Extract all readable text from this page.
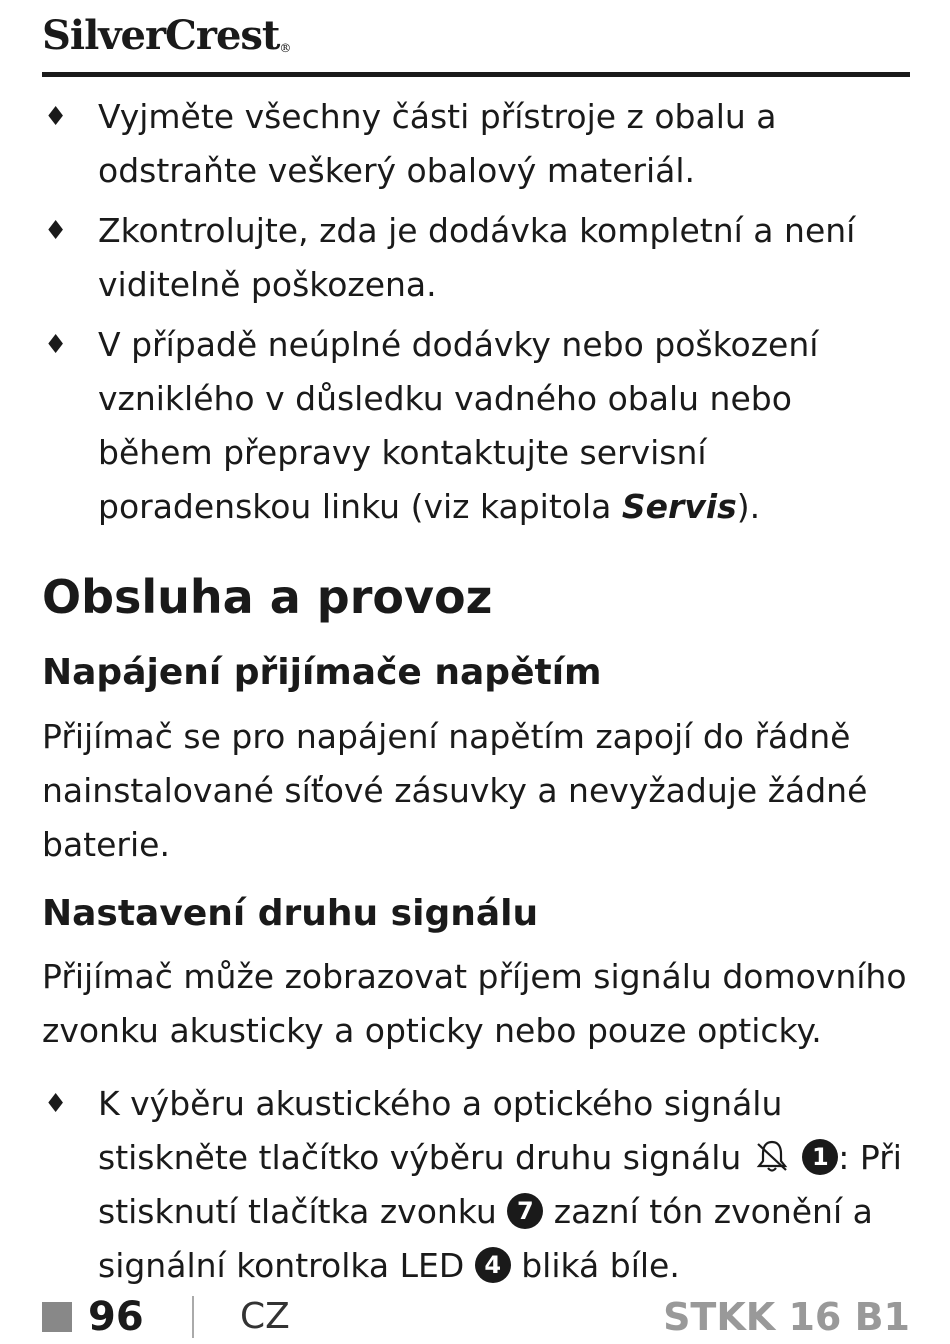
SilverCrest®
♦ Vyjměte všechny části přístroje z obalu a odstraňte veškerý obalový materiál.
♦ Zkontrolujte, zda je dodávka kompletní a není viditelně poškozena.
♦ V případě neúplné dodávky nebo poškození vzniklého v důsledku vadného obalu nebo během přepravy kontaktujte servisní poradenskou linku (viz kapitola Servis).
Obsluha a provoz
Napájení přijímače napětím

Přijímač se pro napájení napětím zapojí do řádně nainstalované síťové zásuvky a nevyžaduje žádné baterie.

Nastavení druhu signálu

Přijímač může zobrazovat příjem signálu domovního zvonku akusticky a opticky nebo pouze opticky.

♦ K výběru akustického a optického signálu stiskněte tlačítko výběru druhu signálu	1 : Při stisknutí tlačítka zvonku 7 zazní tón zvonění a signální kontrolka LED 4 bliká bíle.
96	CZ	STKK 16 B1
